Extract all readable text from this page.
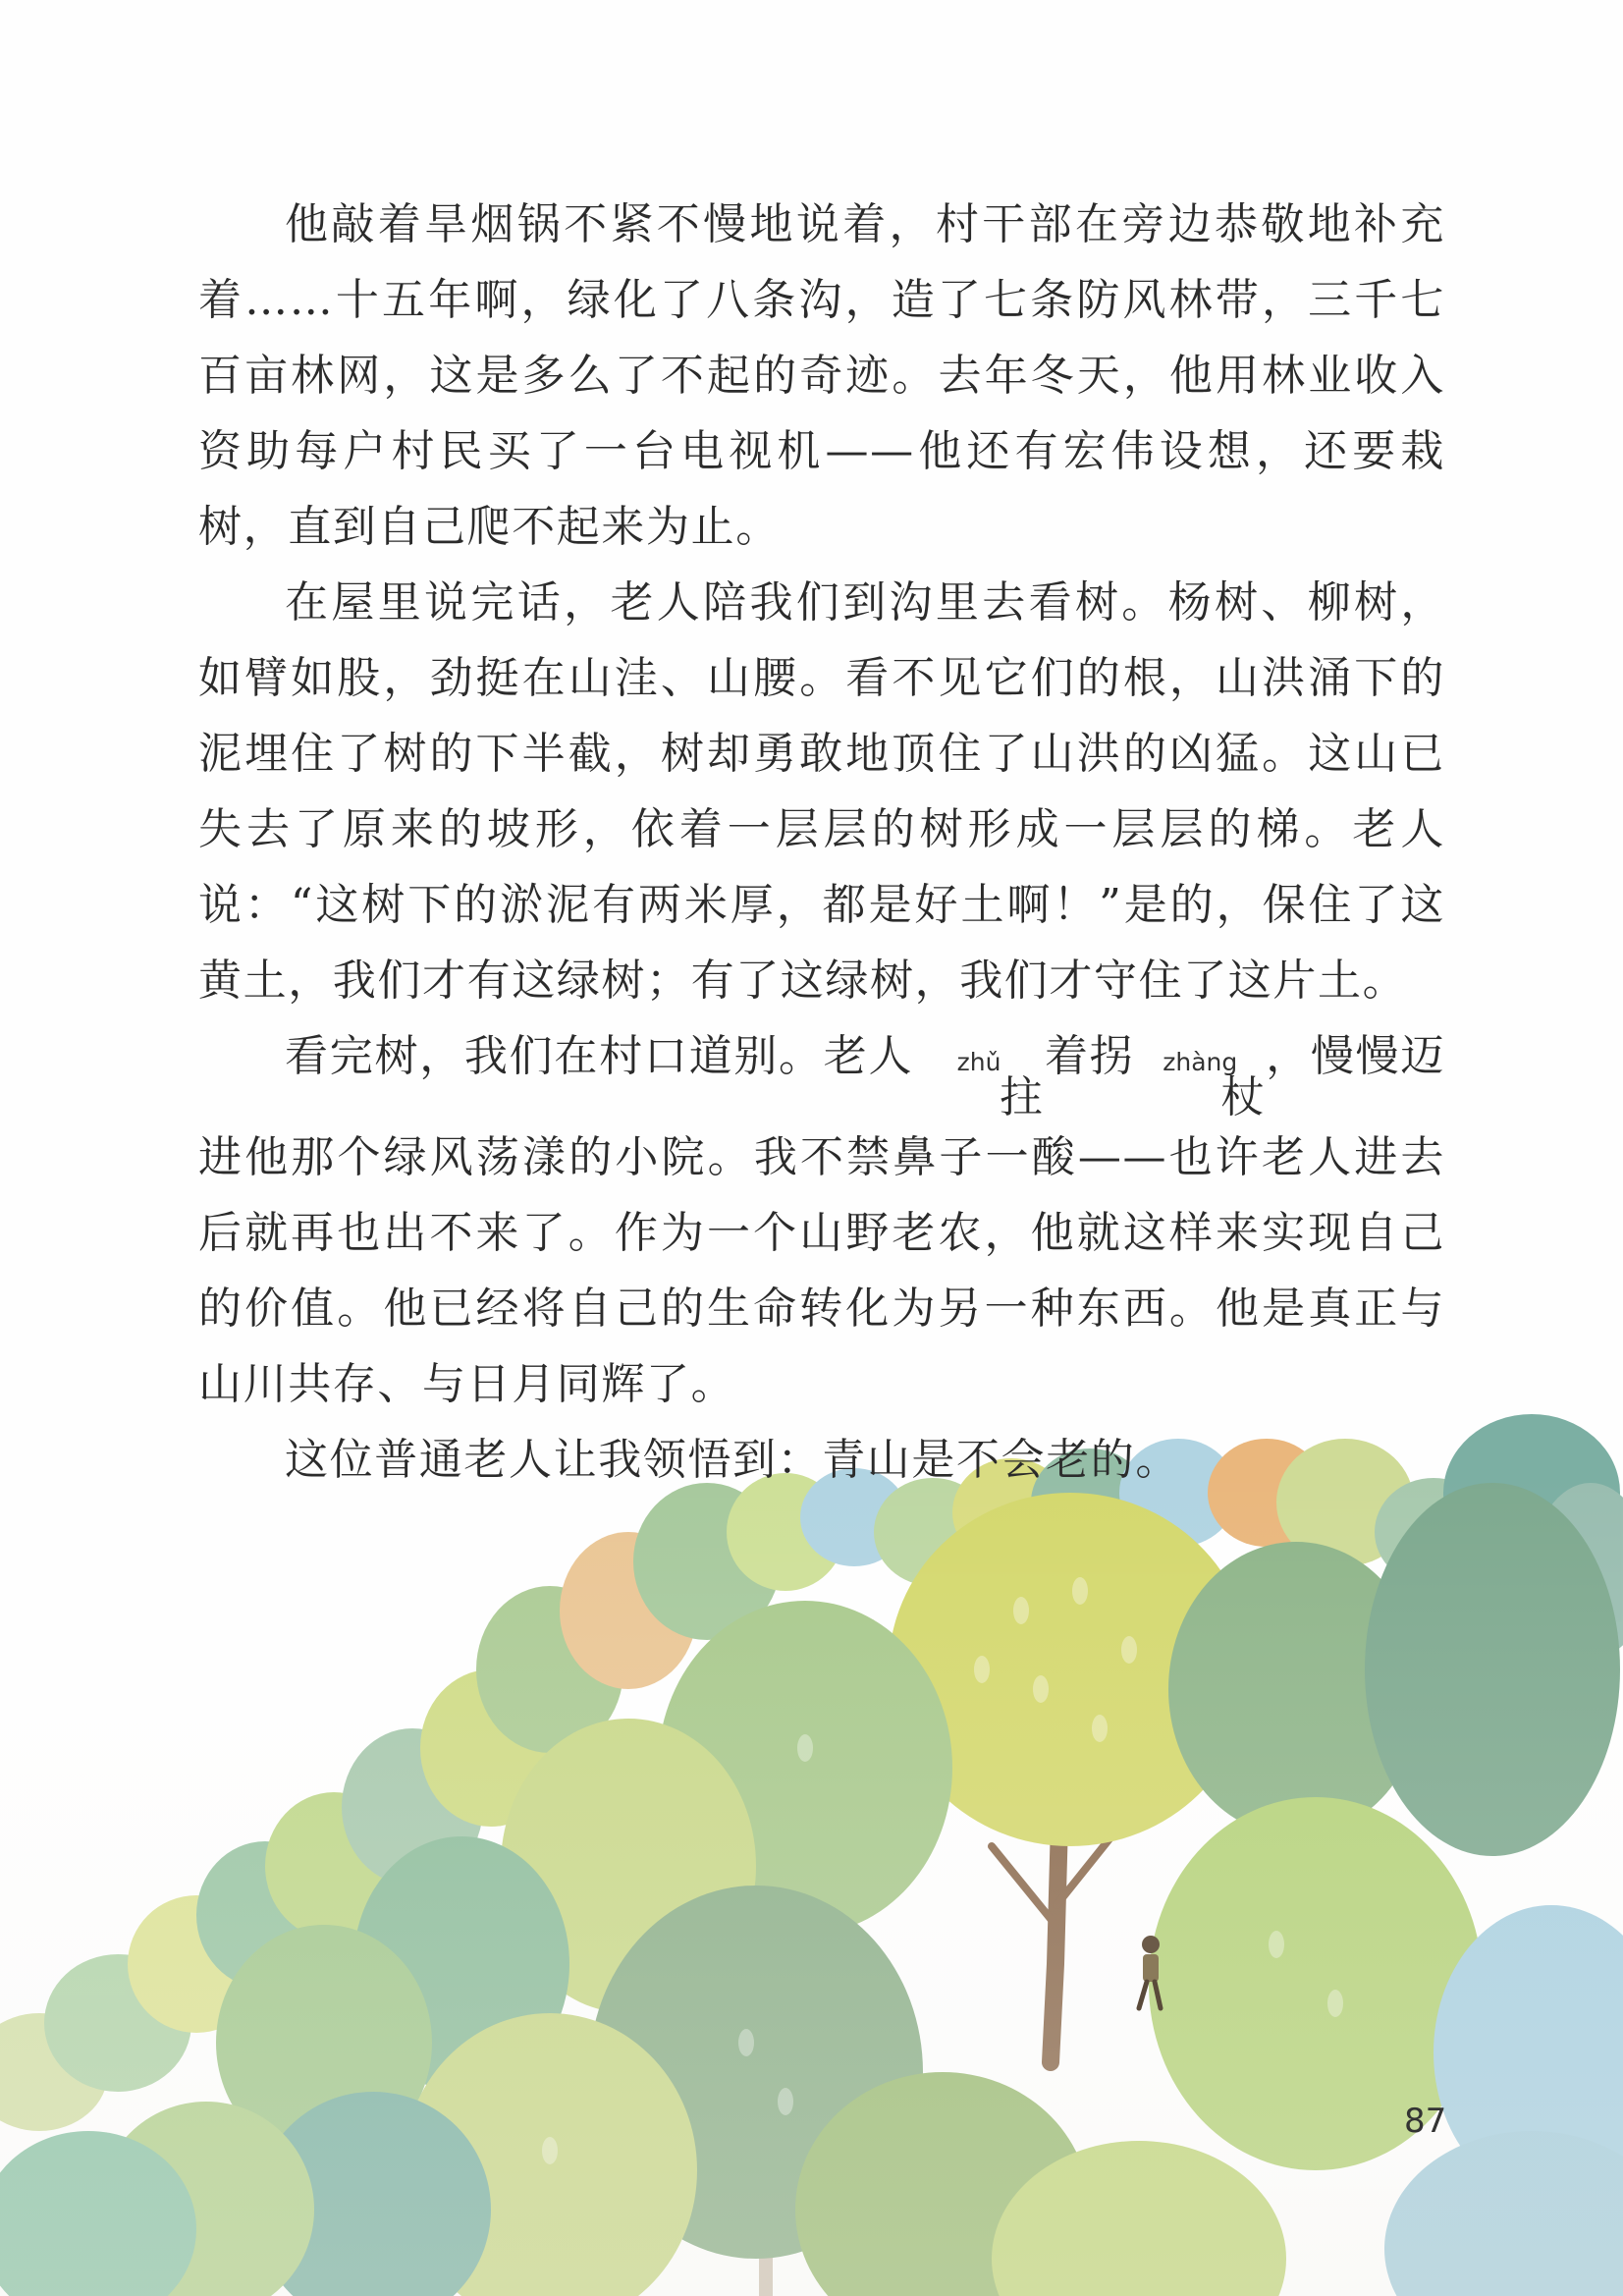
他敲着旱烟锅不紧不慢地说着，村干部在旁边恭敬地补充着……十五年啊，绿化了八条沟，造了七条防风林带，三千七百亩林网，这是多么了不起的奇迹。去年冬天，他用林业收入资助每户村民买了一台电视机——他还有宏伟设想，还要栽树，直到自己爬不起来为止。

在屋里说完话，老人陪我们到沟里去看树。杨树、柳树，如臂如股，劲挺在山洼、山腰。看不见它们的根，山洪涌下的泥埋住了树的下半截，树却勇敢地顶住了山洪的凶猛。这山已失去了原来的坡形，依着一层层的树形成一层层的梯。老人说：“这树下的淤泥有两米厚，都是好土啊！”是的，保住了这黄土，我们才有这绿树；有了这绿树，我们才守住了这片土。

看完树，我们在村口道别。老人 zhǔ
拄
着拐 zhàng
杖
，慢慢迈进他那个绿风荡漾的小院。我不禁鼻子一酸——也许老人进去后就再也出不来了。作为一个山野老农，他就这样来实现自己的价值。他已经将自己的生命转化为另一种东西。他是真正与山川共存、与日月同辉了。

这位普通老人让我领悟到：青山是不会老的。

87
